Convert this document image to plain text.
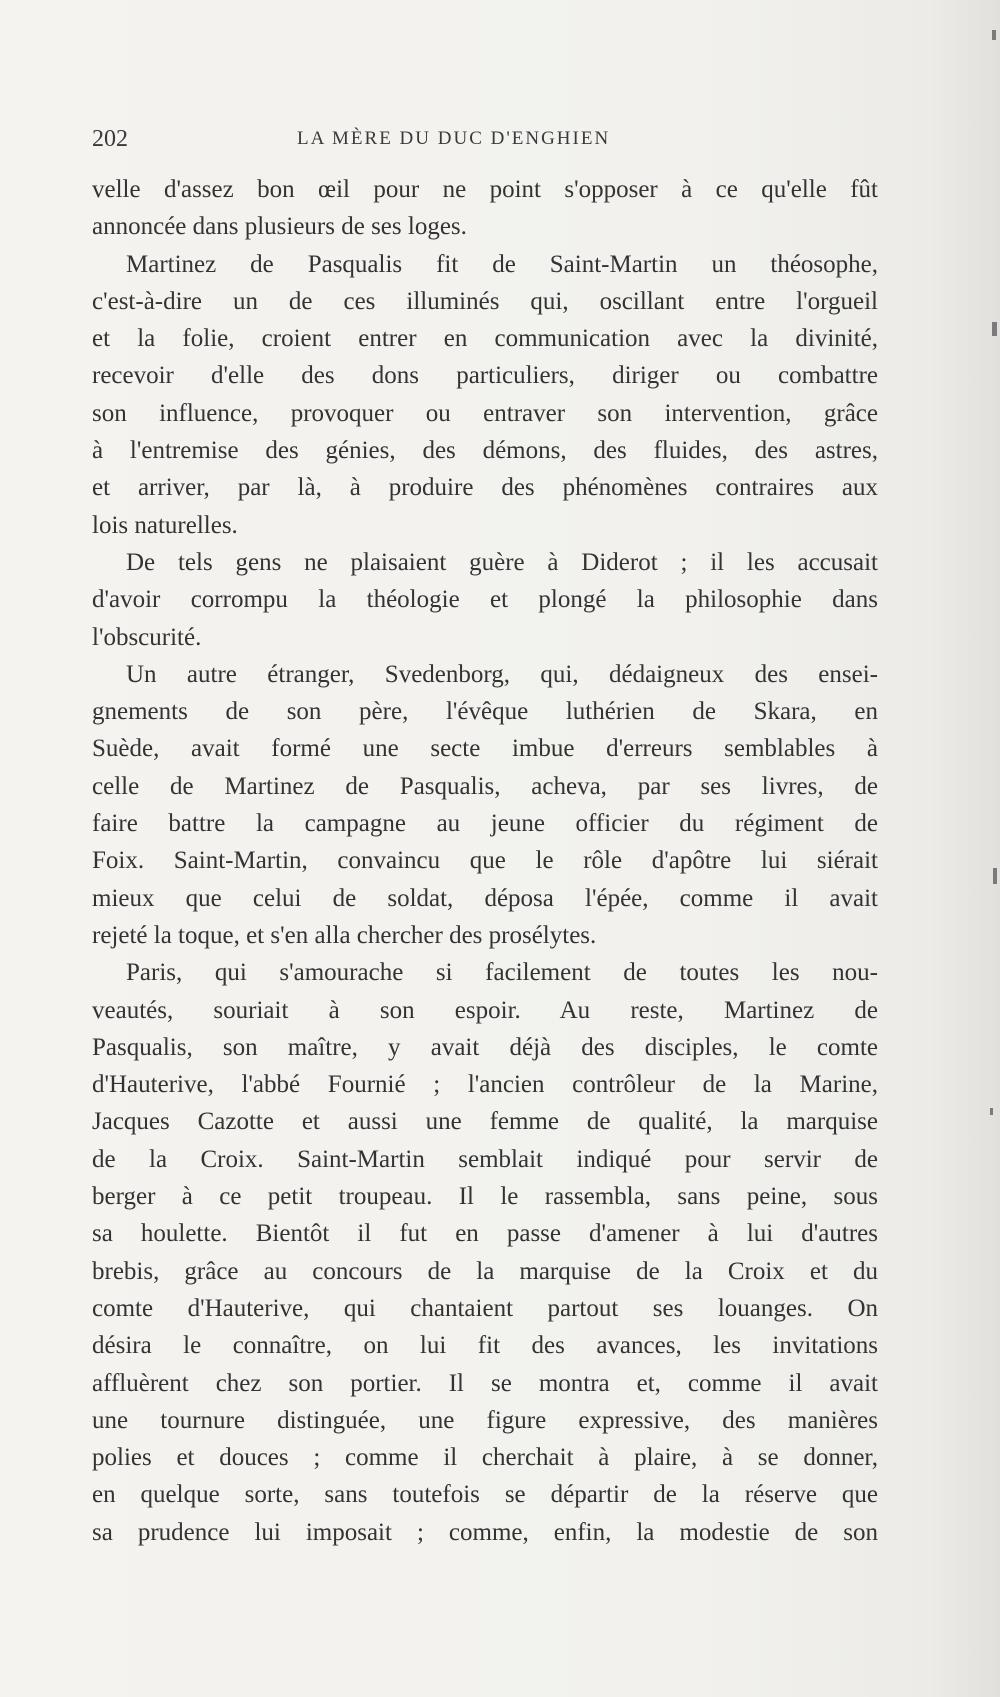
202	LA MÈRE DU DUC D'ENGHIEN
velle d'assez bon œil pour ne point s'opposer à ce qu'elle fût
annoncée dans plusieurs de ses loges.
Martinez de Pasqualis fit de Saint-Martin un théosophe,
c'est-à-dire un de ces illuminés qui, oscillant entre l'orgueil
et la folie, croient entrer en communication avec la divinité,
recevoir d'elle des dons particuliers, diriger ou combattre
son influence, provoquer ou entraver son intervention, grâce
à l'entremise des génies, des démons, des fluides, des astres,
et arriver, par là, à produire des phénomènes contraires aux
lois naturelles.
De tels gens ne plaisaient guère à Diderot ; il les accusait
d'avoir corrompu la théologie et plongé la philosophie dans
l'obscurité.
Un autre étranger, Svedenborg, qui, dédaigneux des ensei-
gnements de son père, l'évêque luthérien de Skara, en
Suède, avait formé une secte imbue d'erreurs semblables à
celle de Martinez de Pasqualis, acheva, par ses livres, de
faire battre la campagne au jeune officier du régiment de
Foix. Saint-Martin, convaincu que le rôle d'apôtre lui siérait
mieux que celui de soldat, déposa l'épée, comme il avait
rejeté la toque, et s'en alla chercher des prosélytes.
Paris, qui s'amourache si facilement de toutes les nou-
veautés, souriait à son espoir. Au reste, Martinez de
Pasqualis, son maître, y avait déjà des disciples, le comte
d'Hauterive, l'abbé Fournié ; l'ancien contrôleur de la Marine,
Jacques Cazotte et aussi une femme de qualité, la marquise
de la Croix. Saint-Martin semblait indiqué pour servir de
berger à ce petit troupeau. Il le rassembla, sans peine, sous
sa houlette. Bientôt il fut en passe d'amener à lui d'autres
brebis, grâce au concours de la marquise de la Croix et du
comte d'Hauterive, qui chantaient partout ses louanges. On
désira le connaître, on lui fit des avances, les invitations
affluèrent chez son portier. Il se montra et, comme il avait
une tournure distinguée, une figure expressive, des manières
polies et douces ; comme il cherchait à plaire, à se donner,
en quelque sorte, sans toutefois se départir de la réserve que
sa prudence lui imposait ; comme, enfin, la modestie de son
